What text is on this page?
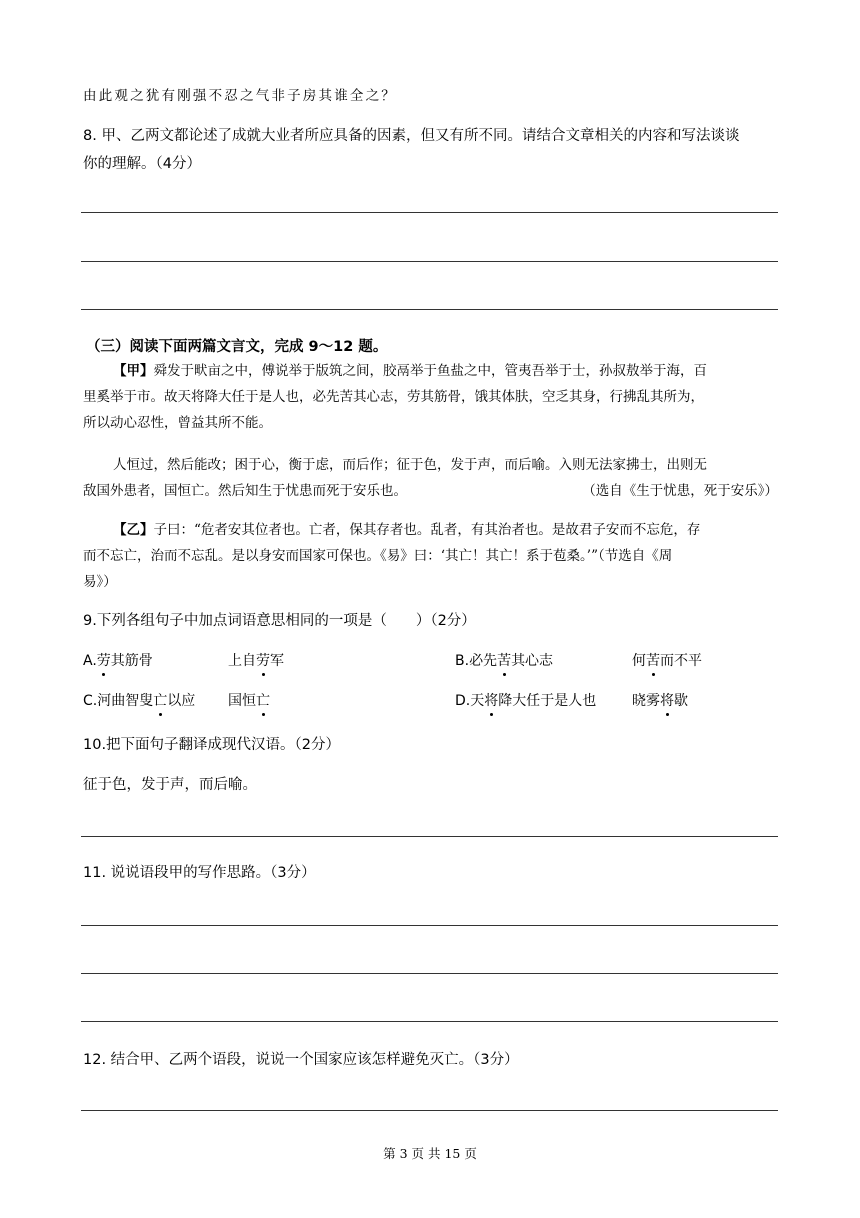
由此观之犹有刚强不忍之气非子房其谁全之？
8. 甲、乙两文都论述了成就大业者所应具备的因素，但又有所不同。请结合文章相关的内容和写法谈谈
你的理解。（4分）
（三）阅读下面两篇文言文，完成 9～12 题。
【甲】舜发于畎亩之中，傅说举于版筑之间，胶鬲举于鱼盐之中，管夷吾举于士，孙叔敖举于海，百
里奚举于市。故天将降大任于是人也，必先苦其心志，劳其筋骨，饿其体肤，空乏其身，行拂乱其所为，
所以动心忍性，曾益其所不能。
人恒过，然后能改；困于心，衡于虑，而后作；征于色，发于声，而后喻。入则无法家拂士，出则无
敌国外患者，国恒亡。然后知生于忧患而死于安乐也。	（选自《生于忧患，死于安乐》）
【乙】子曰：“危者安其位者也。亡者，保其存者也。乱者，有其治者也。是故君子安而不忘危，存
而不忘亡，治而不忘乱。是以身安而国家可保也。《易》曰：‘其亡！其亡！系于苞桑。’”（节选自《周
易》）
9.下列各组句子中加点词语意思相同的一项是（　　）（2分）
A.劳其筋骨	上自劳军	B.必先苦其心志	何苦而不平
C.河曲智叟亡以应 国恒亡	D.天将降大任于是人也	晓雾将歇
10.把下面句子翻译成现代汉语。（2分）
征于色，发于声，而后喻。
11. 说说语段甲的写作思路。（3分）
12. 结合甲、乙两个语段，说说一个国家应该怎样避免灭亡。（3分）
第 3 页 共 15 页
